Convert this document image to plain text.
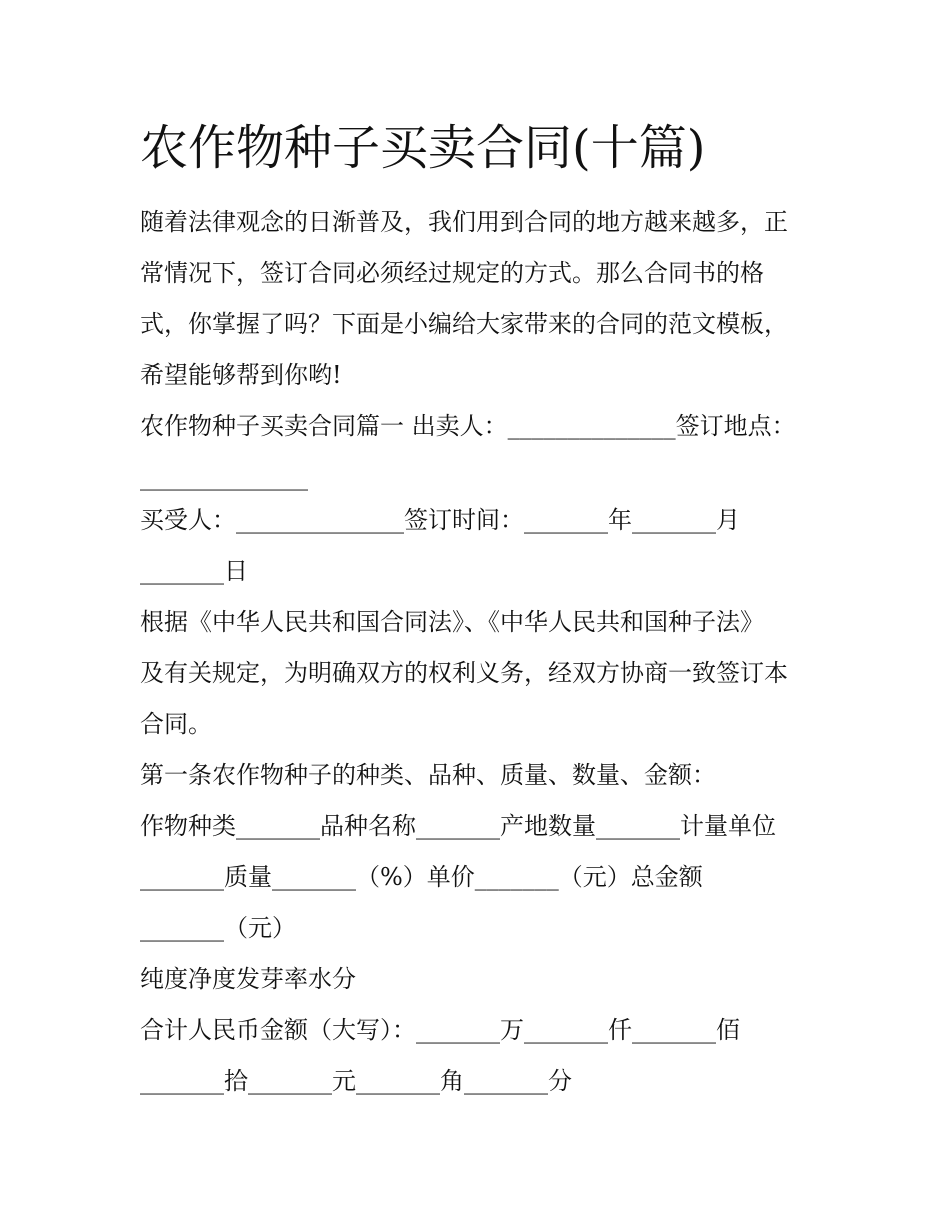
农作物种子买卖合同(十篇)

随着法律观念的日渐普及，我们用到合同的地方越来越多，正

常情况下，签订合同必须经过规定的方式。那么合同书的格

式，你掌握了吗？下面是小编给大家带来的合同的范文模板，

希望能够帮到你哟!

农作物种子买卖合同篇一 出卖人：______________签订地点：

______________

买受人：______________签订时间：_______年_______月

_______日

根据《中华人民共和国合同法》、《中华人民共和国种子法》

及有关规定，为明确双方的权利义务，经双方协商一致签订本

合同。

第一条农作物种子的种类、品种、质量、数量、金额：

作物种类_______品种名称_______产地数量_______计量单位

_______质量_______（%）单价_______（元）总金额

_______（元）

纯度净度发芽率水分

合计人民币金额（大写）：_______万_______仟_______佰

_______拾_______元_______角_______分
